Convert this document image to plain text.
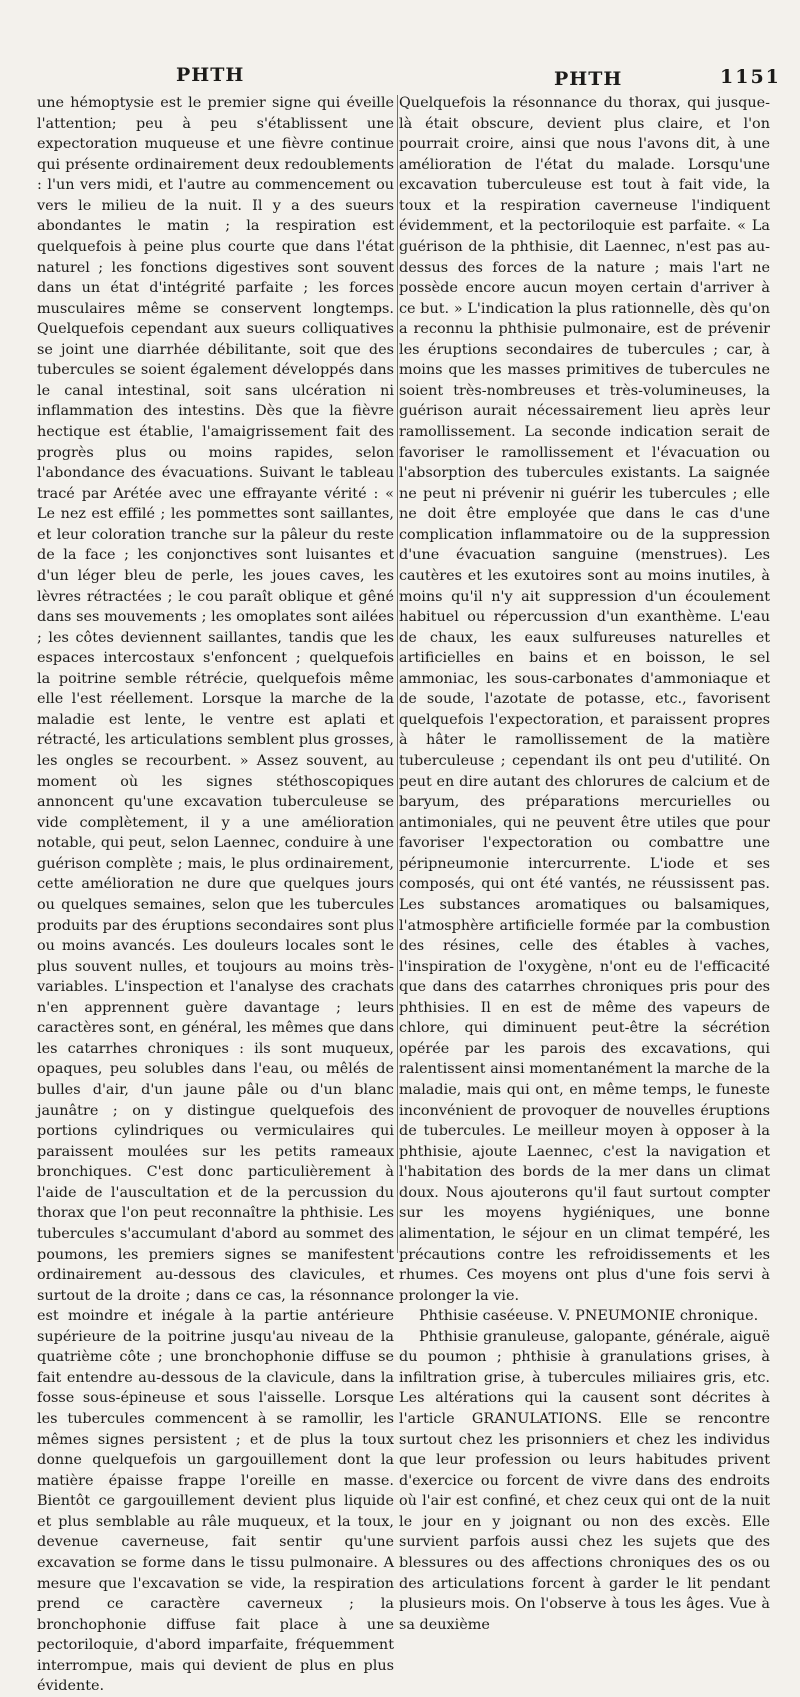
PHTH	PHTH	1151

une hémoptysie est le premier signe qui éveille l'attention; peu à peu s'établissent une expectoration muqueuse et une fièvre continue qui présente ordinairement deux redoublements : l'un vers midi, et l'autre au commencement ou vers le milieu de la nuit. Il y a des sueurs abondantes le matin ; la respiration est quelquefois à peine plus courte que dans l'état naturel ; les fonctions digestives sont souvent dans un état d'intégrité parfaite ; les forces musculaires même se conservent longtemps. Quelquefois cependant aux sueurs colliquatives se joint une diarrhée débilitante, soit que des tubercules se soient également développés dans le canal intestinal, soit sans ulcération ni inflammation des intestins. Dès que la fièvre hectique est établie, l'amaigrissement fait des progrès plus ou moins rapides, selon l'abondance des évacuations. Suivant le tableau tracé par Arétée avec une effrayante vérité : « Le nez est effilé ; les pommettes sont saillantes, et leur coloration tranche sur la pâleur du reste de la face ; les conjonctives sont luisantes et d'un léger bleu de perle, les joues caves, les lèvres rétractées ; le cou paraît oblique et gêné dans ses mouvements ; les omoplates sont ailées ; les côtes deviennent saillantes, tandis que les espaces intercostaux s'enfoncent ; quelquefois la poitrine semble rétrécie, quelquefois même elle l'est réellement. Lorsque la marche de la maladie est lente, le ventre est aplati et rétracté, les articulations semblent plus grosses, les ongles se recourbent. » Assez souvent, au moment où les signes stéthoscopiques annoncent qu'une excavation tuberculeuse se vide complètement, il y a une amélioration notable, qui peut, selon Laennec, conduire à une guérison complète ; mais, le plus ordinairement, cette amélioration ne dure que quelques jours ou quelques semaines, selon que les tubercules produits par des éruptions secondaires sont plus ou moins avancés. Les douleurs locales sont le plus souvent nulles, et toujours au moins très-variables. L'inspection et l'analyse des crachats n'en apprennent guère davantage ; leurs caractères sont, en général, les mêmes que dans les catarrhes chroniques : ils sont muqueux, opaques, peu solubles dans l'eau, ou mêlés de bulles d'air, d'un jaune pâle ou d'un blanc jaunâtre ; on y distingue quelquefois des portions cylindriques ou vermiculaires qui paraissent moulées sur les petits rameaux bronchiques. C'est donc particulièrement à l'aide de l'auscultation et de la percussion du thorax que l'on peut reconnaître la phthisie. Les tubercules s'accumulant d'abord au sommet des poumons, les premiers signes se manifestent ordinairement au-dessous des clavicules, et surtout de la droite ; dans ce cas, la résonnance est moindre et inégale à la partie antérieure supérieure de la poitrine jusqu'au niveau de la quatrième côte ; une bronchophonie diffuse se fait entendre au-dessous de la clavicule, dans la fosse sous-épineuse et sous l'aisselle. Lorsque les tubercules commencent à se ramollir, les mêmes signes persistent ; et de plus la toux donne quelquefois un gargouillement dont la matière épaisse frappe l'oreille en masse. Bientôt ce gargouillement devient plus liquide et plus semblable au râle muqueux, et la toux, devenue caverneuse, fait sentir qu'une excavation se forme dans le tissu pulmonaire. A mesure que l'excavation se vide, la respiration prend ce caractère caverneux ; la bronchophonie diffuse fait place à une pectoriloquie, d'abord imparfaite, fréquemment interrompue, mais qui devient de plus en plus évidente.

Quelquefois la résonnance du thorax, qui jusque-là était obscure, devient plus claire, et l'on pourrait croire, ainsi que nous l'avons dit, à une amélioration de l'état du malade. Lorsqu'une excavation tuberculeuse est tout à fait vide, la toux et la respiration caverneuse l'indiquent évidemment, et la pectoriloquie est parfaite. « La guérison de la phthisie, dit Laennec, n'est pas au-dessus des forces de la nature ; mais l'art ne possède encore aucun moyen certain d'arriver à ce but. » L'indication la plus rationnelle, dès qu'on a reconnu la phthisie pulmonaire, est de prévenir les éruptions secondaires de tubercules ; car, à moins que les masses primitives de tubercules ne soient très-nombreuses et très-volumineuses, la guérison aurait nécessairement lieu après leur ramollissement. La seconde indication serait de favoriser le ramollissement et l'évacuation ou l'absorption des tubercules existants. La saignée ne peut ni prévenir ni guérir les tubercules ; elle ne doit être employée que dans le cas d'une complication inflammatoire ou de la suppression d'une évacuation sanguine (menstrues). Les cautères et les exutoires sont au moins inutiles, à moins qu'il n'y ait suppression d'un écoulement habituel ou répercussion d'un exanthème. L'eau de chaux, les eaux sulfureuses naturelles et artificielles en bains et en boisson, le sel ammoniac, les sous-carbonates d'ammoniaque et de soude, l'azotate de potasse, etc., favorisent quelquefois l'expectoration, et paraissent propres à hâter le ramollissement de la matière tuberculeuse ; cependant ils ont peu d'utilité. On peut en dire autant des chlorures de calcium et de baryum, des préparations mercurielles ou antimoniales, qui ne peuvent être utiles que pour favoriser l'expectoration ou combattre une péripneumonie intercurrente. L'iode et ses composés, qui ont été vantés, ne réussissent pas. Les substances aromatiques ou balsamiques, l'atmosphère artificielle formée par la combustion des résines, celle des étables à vaches, l'inspiration de l'oxygène, n'ont eu de l'efficacité que dans des catarrhes chroniques pris pour des phthisies. Il en est de même des vapeurs de chlore, qui diminuent peut-être la sécrétion opérée par les parois des excavations, qui ralentissent ainsi momentanément la marche de la maladie, mais qui ont, en même temps, le funeste inconvénient de provoquer de nouvelles éruptions de tubercules. Le meilleur moyen à opposer à la phthisie, ajoute Laennec, c'est la navigation et l'habitation des bords de la mer dans un climat doux. Nous ajouterons qu'il faut surtout compter sur les moyens hygiéniques, une bonne alimentation, le séjour en un climat tempéré, les précautions contre les refroidissements et les rhumes. Ces moyens ont plus d'une fois servi à prolonger la vie.

Phthisie caséeuse. V. PNEUMONIE chronique.

Phthisie granuleuse, galopante, générale, aiguë du poumon ; phthisie à granulations grises, à infiltration grise, à tubercules miliaires gris, etc. Les altérations qui la causent sont décrites à l'article GRANULATIONS. Elle se rencontre surtout chez les prisonniers et chez les individus que leur profession ou leurs habitudes privent d'exercice ou forcent de vivre dans des endroits où l'air est confiné, et chez ceux qui ont de la nuit le jour en y joignant ou non des excès. Elle survient parfois aussi chez les sujets que des blessures ou des affections chroniques des os ou des articulations forcent à garder le lit pendant plusieurs mois. On l'observe à tous les âges. Vue à sa deuxième
